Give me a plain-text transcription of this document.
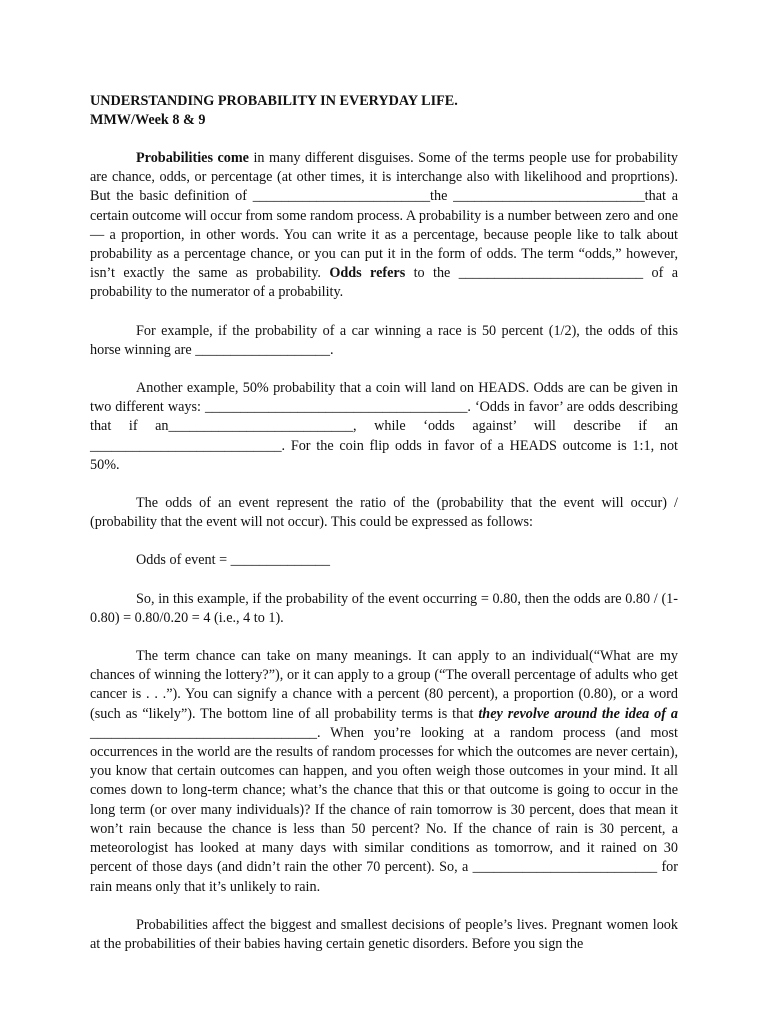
UNDERSTANDING PROBABILITY IN EVERYDAY LIFE.
MMW/Week 8 & 9
Probabilities come in many different disguises. Some of the terms people use for probability are chance, odds, or percentage (at other times, it is interchange also with likelihood and proprtions). But the basic definition of _________________________the ___________________________that a certain outcome will occur from some random process. A probability is a number between zero and one — a proportion, in other words. You can write it as a percentage, because people like to talk about probability as a percentage chance, or you can put it in the form of odds. The term “odds,” however, isn’t exactly the same as probability. Odds refers to the __________________________ of a probability to the numerator of a probability.
For example, if the probability of a car winning a race is 50 percent (1/2), the odds of this horse winning are ___________________.
Another example, 50% probability that a coin will land on HEADS. Odds are can be given in two different ways: _____________________________________. ‘Odds in favor’ are odds describing that if an__________________________, while ‘odds against’ will describe if an ___________________________. For the coin flip odds in favor of a HEADS outcome is 1:1, not 50%.
The odds of an event represent the ratio of the (probability that the event will occur) / (probability that the event will not occur). This could be expressed as follows:
Odds of event = ______________
So, in this example, if the probability of the event occurring = 0.80, then the odds are 0.80 / (1-0.80) = 0.80/0.20 = 4 (i.e., 4 to 1).
The term chance can take on many meanings. It can apply to an individual(“What are my chances of winning the lottery?”), or it can apply to a group (“The overall percentage of adults who get cancer is . . .”). You can signify a chance with a percent (80 percent), a proportion (0.80), or a word (such as “likely”). The bottom line of all probability terms is that they revolve around the idea of a ________________________________. When you’re looking at a random process (and most occurrences in the world are the results of random processes for which the outcomes are never certain), you know that certain outcomes can happen, and you often weigh those outcomes in your mind. It all comes down to long-term chance; what’s the chance that this or that outcome is going to occur in the long term (or over many individuals)? If the chance of rain tomorrow is 30 percent, does that mean it won’t rain because the chance is less than 50 percent? No. If the chance of rain is 30 percent, a meteorologist has looked at many days with similar conditions as tomorrow, and it rained on 30 percent of those days (and didn’t rain the other 70 percent). So, a __________________________ for rain means only that it’s unlikely to rain.
Probabilities affect the biggest and smallest decisions of people’s lives. Pregnant women look at the probabilities of their babies having certain genetic disorders. Before you sign the
